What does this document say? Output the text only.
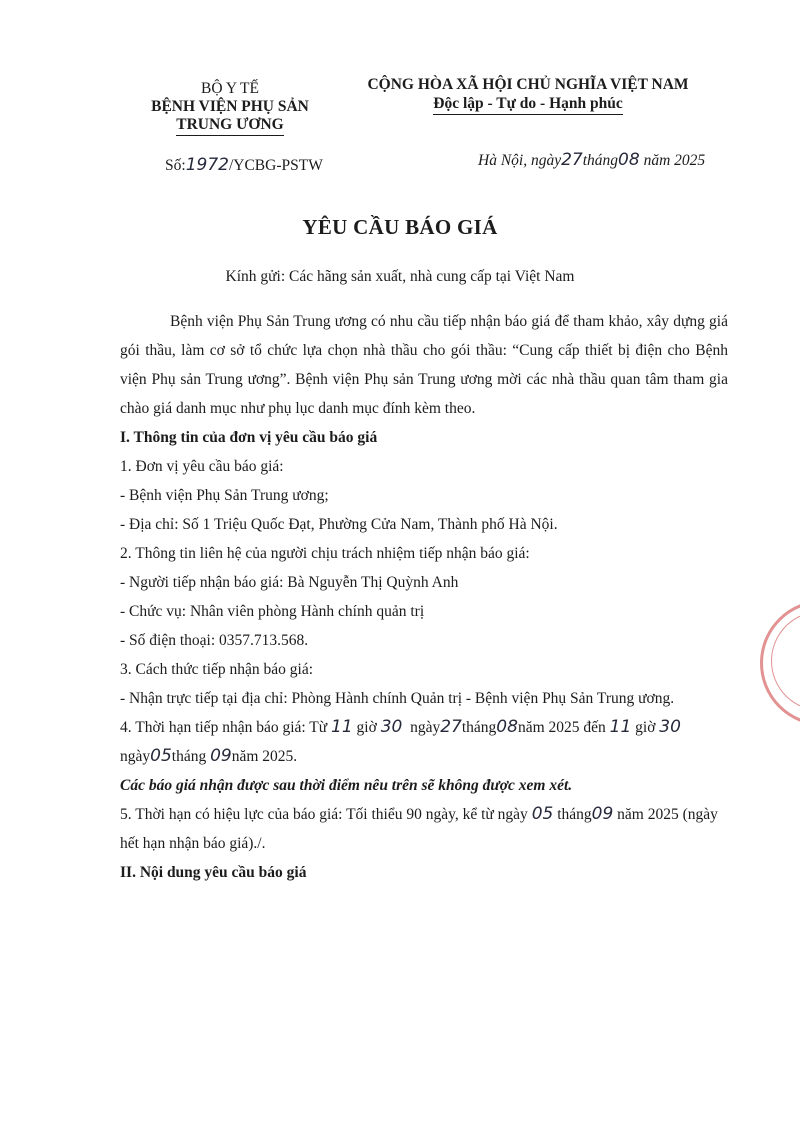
BỘ Y TẾ
BỆNH VIỆN PHỤ SẢN
TRUNG ƯƠNG
CỘNG HÒA XÃ HỘI CHỦ NGHĨA VIỆT NAM
Độc lập - Tự do - Hạnh phúc
Số:1972/YCBG-PSTW	Hà Nội, ngày27tháng08 năm 2025
YÊU CẦU BÁO GIÁ
Kính gửi: Các hãng sản xuất, nhà cung cấp tại Việt Nam

Bệnh viện Phụ Sản Trung ương có nhu cầu tiếp nhận báo giá để tham khảo, xây dựng giá gói thầu, làm cơ sở tổ chức lựa chọn nhà thầu cho gói thầu: “Cung cấp thiết bị điện cho Bệnh viện Phụ sản Trung ương”. Bệnh viện Phụ sản Trung ương mời các nhà thầu quan tâm tham gia chào giá danh mục như phụ lục danh mục đính kèm theo.

I. Thông tin của đơn vị yêu cầu báo giá

1. Đơn vị yêu cầu báo giá:

- Bệnh viện Phụ Sản Trung ương;

- Địa chỉ: Số 1 Triệu Quốc Đạt, Phường Cửa Nam, Thành phố Hà Nội.

2. Thông tin liên hệ của người chịu trách nhiệm tiếp nhận báo giá:

- Người tiếp nhận báo giá: Bà Nguyễn Thị Quỳnh Anh

- Chức vụ: Nhân viên phòng Hành chính quản trị

- Số điện thoại: 0357.713.568.

3. Cách thức tiếp nhận báo giá:

- Nhận trực tiếp tại địa chỉ: Phòng Hành chính Quản trị - Bệnh viện Phụ Sản Trung ương.

4. Thời hạn tiếp nhận báo giá: Từ 11 giờ 30 ngày27tháng08năm 2025 đến 11 giờ 30 ngày05tháng 09năm 2025.

Các báo giá nhận được sau thời điểm nêu trên sẽ không được xem xét.

5. Thời hạn có hiệu lực của báo giá: Tối thiểu 90 ngày, kể từ ngày 05 tháng09 năm 2025 (ngày hết hạn nhận báo giá)./.

II. Nội dung yêu cầu báo giá
